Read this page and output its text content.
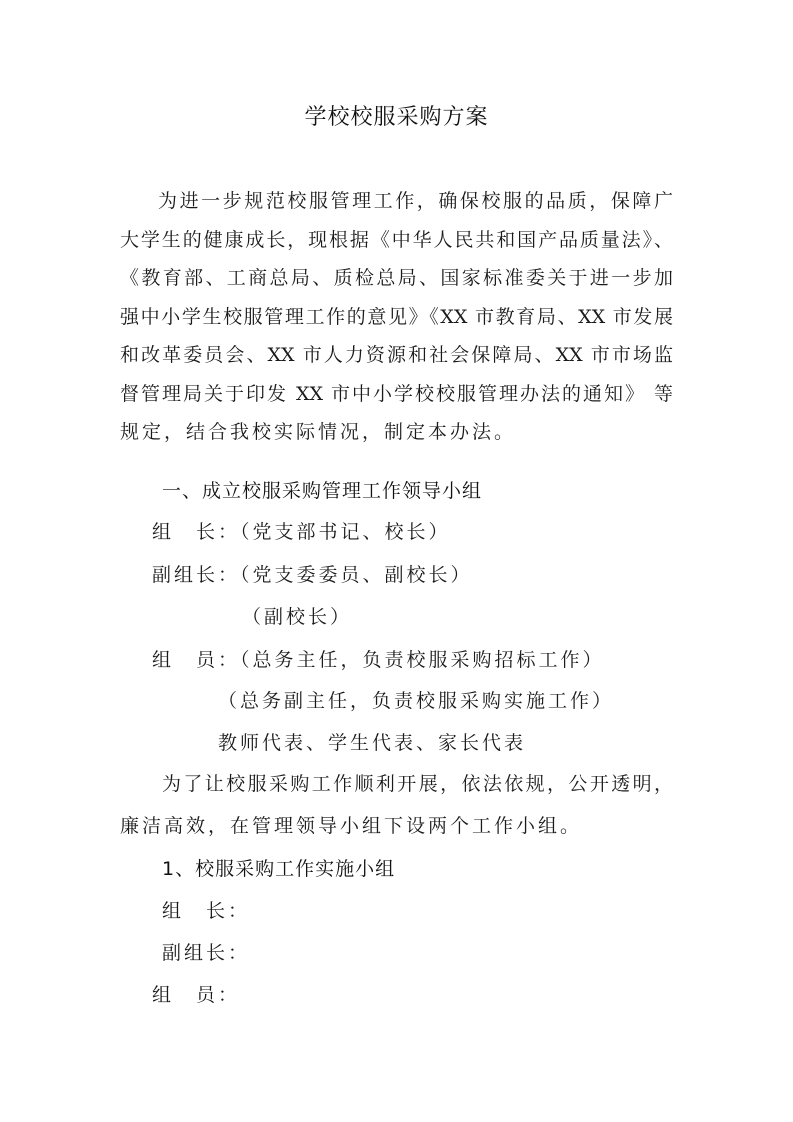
学校校服采购方案
为进一步规范校服管理工作，确保校服的品质，保障广
大学生的健康成长，现根据《中华人民共和国产品质量法》、
《教育部、工商总局、质检总局、国家标准委关于进一步加
强中小学生校服管理工作的意见》《XX 市教育局、XX 市发展
和改革委员会、XX 市人力资源和社会保障局、XX 市市场监
督管理局关于印发 XX 市中小学校校服管理办法的通知》 等
规定，结合我校实际情况，制定本办法。
一、成立校服采购管理工作领导小组
组　长：（党支部书记、校长）
副组长：（党支委委员、副校长）
（副校长）
组　员：（总务主任，负责校服采购招标工作）
（总务副主任，负责校服采购实施工作）
教师代表、学生代表、家长代表
为了让校服采购工作顺利开展，依法依规，公开透明，
廉洁高效，在管理领导小组下设两个工作小组。
1、校服采购工作实施小组
组　长：
副组长：
组　员：
